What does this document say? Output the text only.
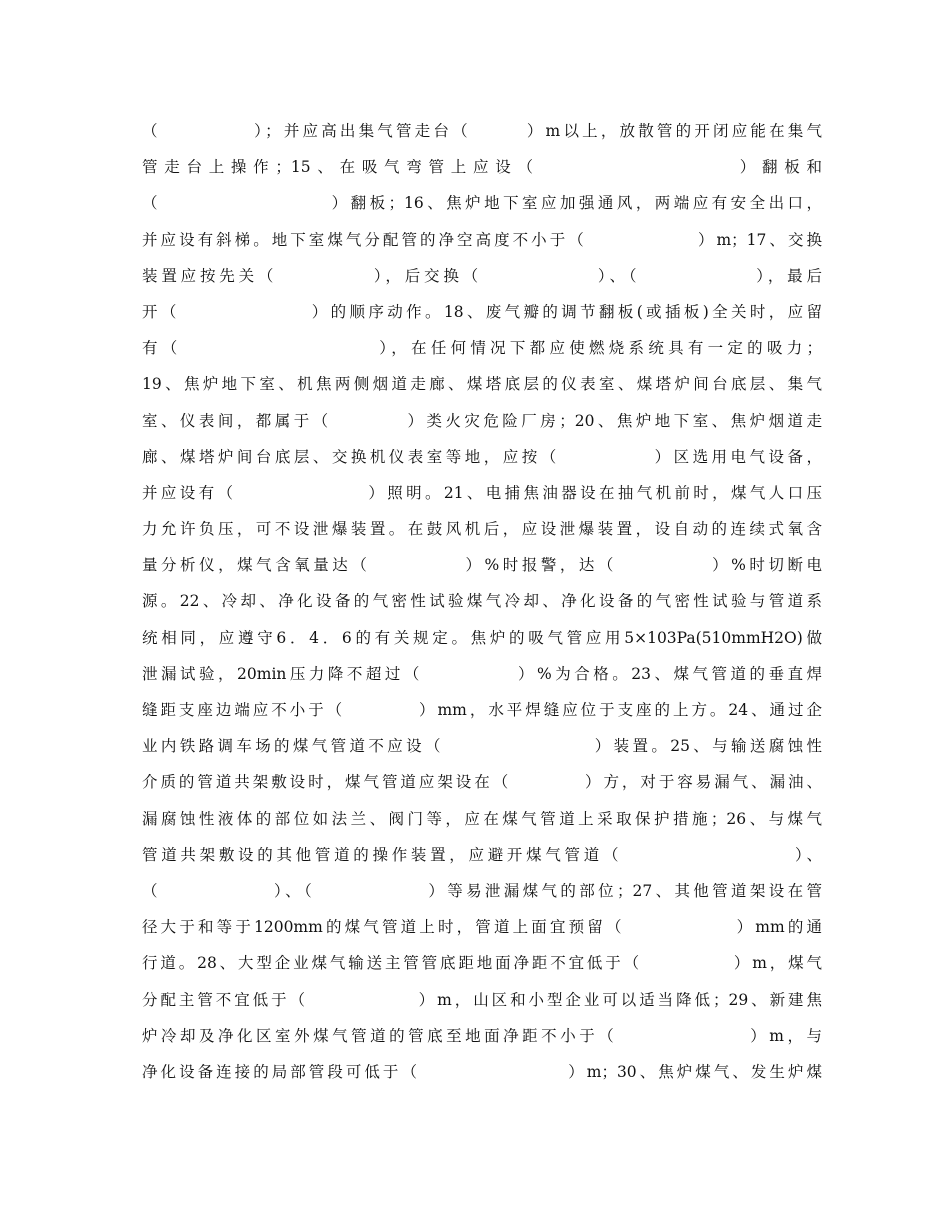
（　　　　　）；并应高出集气管走台（　　　）m以上，放散管的开闭应能在集气
管走台上操作；15、在吸气弯管上应设（　　　　　　　　　）翻板和
（　　　　　　　　　）翻板；16、焦炉地下室应加强通风，两端应有安全出口，
并应设有斜梯。地下室煤气分配管的净空高度不小于（　　　　　　）m；17、交换
装置应按先关（　　　　　），后交换（　　　　　　）、（　　　　　　），最后
开（　　　　　　　）的顺序动作。18、废气瓣的调节翻板(或插板)全关时，应留
有（　　　　　　　　　　），在任何情况下都应使燃烧系统具有一定的吸力；
19、焦炉地下室、机焦两侧烟道走廊、煤塔底层的仪表室、煤塔炉间台底层、集气
室、仪表间，都属于（　　　　）类火灾危险厂房；20、焦炉地下室、焦炉烟道走
廊、煤塔炉间台底层、交换机仪表室等地，应按（　　　　　）区选用电气设备，
并应设有（　　　　　　　）照明。21、电捕焦油器设在抽气机前时，煤气人口压
力允许负压，可不设泄爆装置。在鼓风机后，应设泄爆装置，设自动的连续式氧含
量分析仪，煤气含氧量达（　　　　　）%时报警，达（　　　　　）%时切断电
源。22、冷却、净化设备的气密性试验煤气冷却、净化设备的气密性试验与管道系
统相同，应遵守6．4．6的有关规定。焦炉的吸气管应用5×103Pa(510mmH2O)做
泄漏试验，20min压力降不超过（　　　　　）%为合格。23、煤气管道的垂直焊
缝距支座边端应不小于（　　　　）mm，水平焊缝应位于支座的上方。24、通过企
业内铁路调车场的煤气管道不应设（　　　　　　　　）装置。25、与输送腐蚀性
介质的管道共架敷设时，煤气管道应架设在（　　　　）方，对于容易漏气、漏油、
漏腐蚀性液体的部位如法兰、阀门等，应在煤气管道上采取保护措施；26、与煤气
管道共架敷设的其他管道的操作装置，应避开煤气管道（　　　　　　　　　）、
（　　　　　　）、（　　　　　　）等易泄漏煤气的部位；27、其他管道架设在管
径大于和等于1200mm的煤气管道上时，管道上面宜预留（　　　　　　）mm的通
行道。28、大型企业煤气输送主管管底距地面净距不宜低于（　　　　　）m，煤气
分配主管不宜低于（　　　　　　）m，山区和小型企业可以适当降低；29、新建焦
炉冷却及净化区室外煤气管道的管底至地面净距不小于（　　　　　　　）m，与
净化设备连接的局部管段可低于（　　　　　　　　）m；30、焦炉煤气、发生炉煤
